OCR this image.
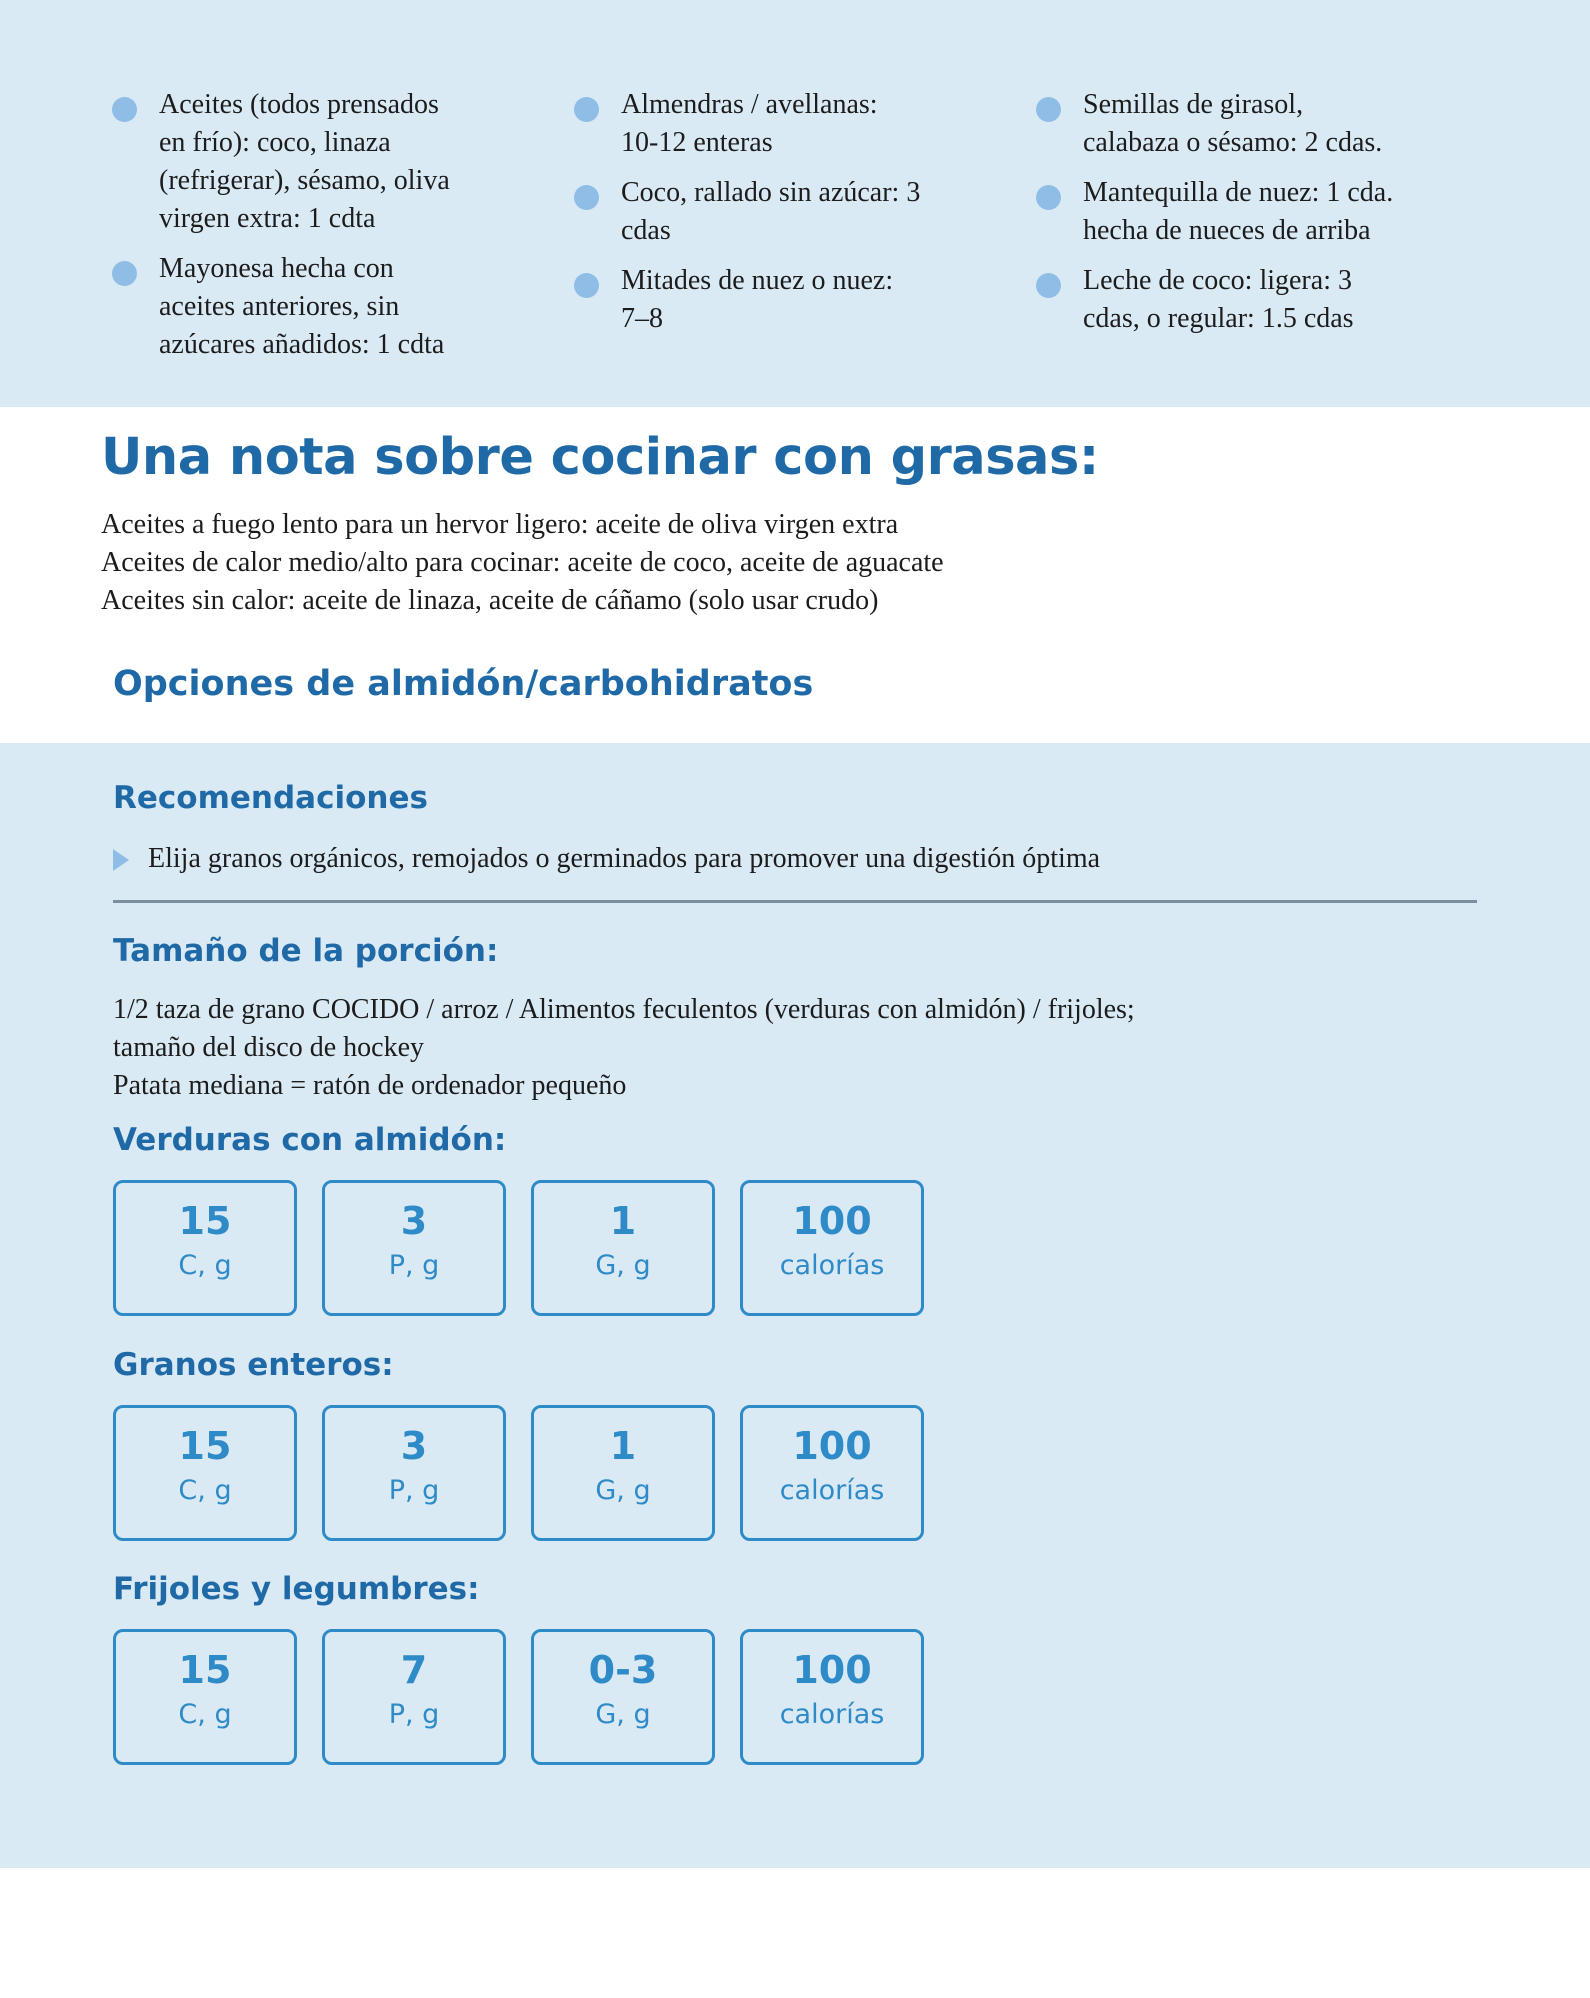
Aceites (todos prensados
en frío): coco, linaza
(refrigerar), sésamo, oliva
virgen extra: 1 cdta
Mayonesa hecha con
aceites anteriores, sin
azúcares añadidos: 1 cdta
Almendras / avellanas:
10-12 enteras
Coco, rallado sin azúcar: 3
cdas
Mitades de nuez o nuez:
7–8
Semillas de girasol,
calabaza o sésamo: 2 cdas.
Mantequilla de nuez: 1 cda.
hecha de nueces de arriba
Leche de coco: ligera: 3
cdas, o regular: 1.5 cdas
Una nota sobre cocinar con grasas:
Aceites a fuego lento para un hervor ligero: aceite de oliva virgen extra
Aceites de calor medio/alto para cocinar: aceite de coco, aceite de aguacate
Aceites sin calor: aceite de linaza, aceite de cáñamo (solo usar crudo)
Opciones de almidón/carbohidratos
Recomendaciones
Elija granos orgánicos, remojados o germinados para promover una digestión óptima
Tamaño de la porción:
1/2 taza de grano COCIDO / arroz / Alimentos feculentos (verduras con almidón) / frijoles;
tamaño del disco de hockey
Patata mediana = ratón de ordenador pequeño
Verduras con almidón:
15
C, g
3
P, g
1
G, g
100
calorías
Granos enteros:
15
C, g
3
P, g
1
G, g
100
calorías
Frijoles y legumbres:
15
C, g
7
P, g
0-3
G, g
100
calorías
